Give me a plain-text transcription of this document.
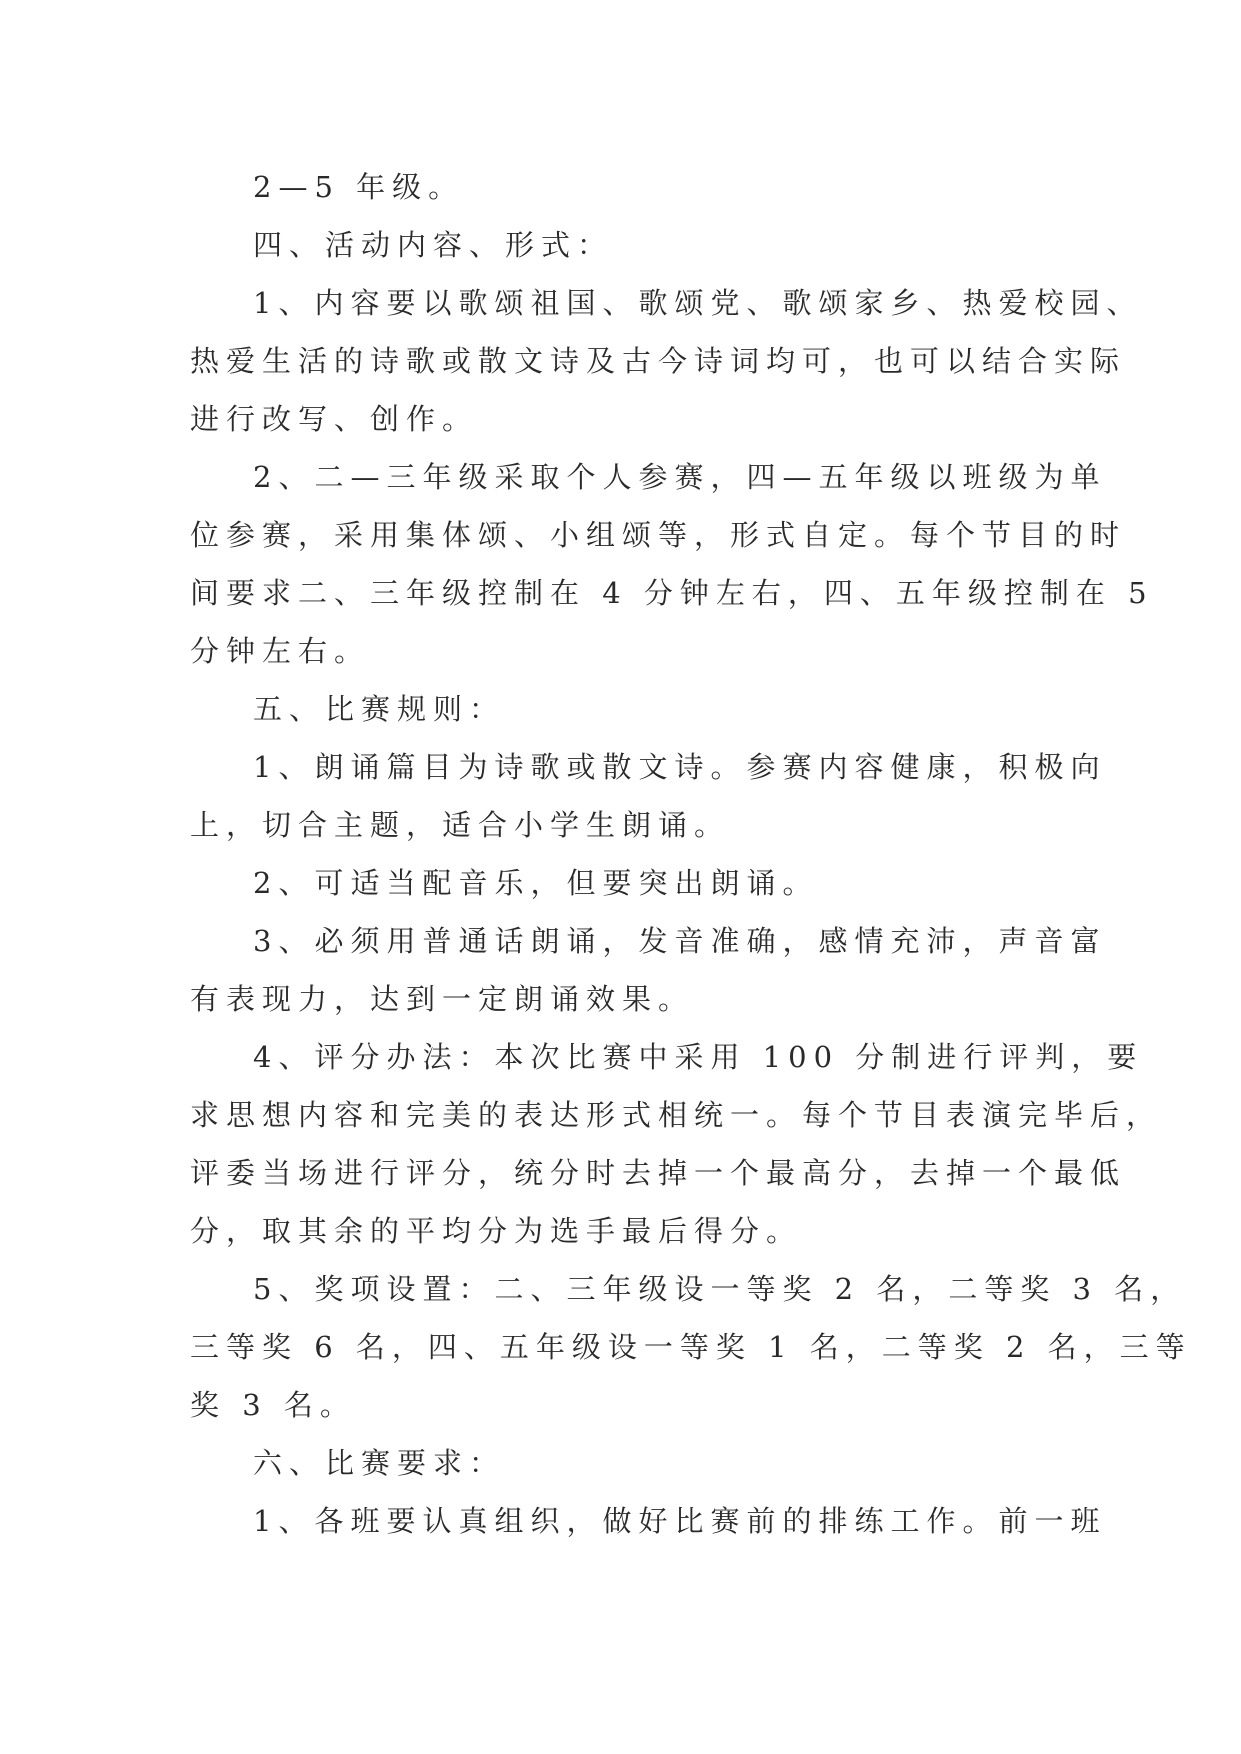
2—5 年级。
四、活动内容、形式：
1、内容要以歌颂祖国、歌颂党、歌颂家乡、热爱校园、
热爱生活的诗歌或散文诗及古今诗词均可，也可以结合实际
进行改写、创作。
2、二—三年级采取个人参赛，四—五年级以班级为单
位参赛，采用集体颂、小组颂等，形式自定。每个节目的时
间要求二、三年级控制在 4 分钟左右，四、五年级控制在 5
分钟左右。
五、比赛规则：
1、朗诵篇目为诗歌或散文诗。参赛内容健康，积极向
上，切合主题，适合小学生朗诵。
2、可适当配音乐，但要突出朗诵。
3、必须用普通话朗诵，发音准确，感情充沛，声音富
有表现力，达到一定朗诵效果。
4、评分办法：本次比赛中采用 100 分制进行评判，要
求思想内容和完美的表达形式相统一。每个节目表演完毕后，
评委当场进行评分，统分时去掉一个最高分，去掉一个最低
分，取其余的平均分为选手最后得分。
5、奖项设置：二、三年级设一等奖 2 名，二等奖 3 名，
三等奖 6 名，四、五年级设一等奖 1 名，二等奖 2 名，三等
奖 3 名。
六、比赛要求：
1、各班要认真组织，做好比赛前的排练工作。前一班
